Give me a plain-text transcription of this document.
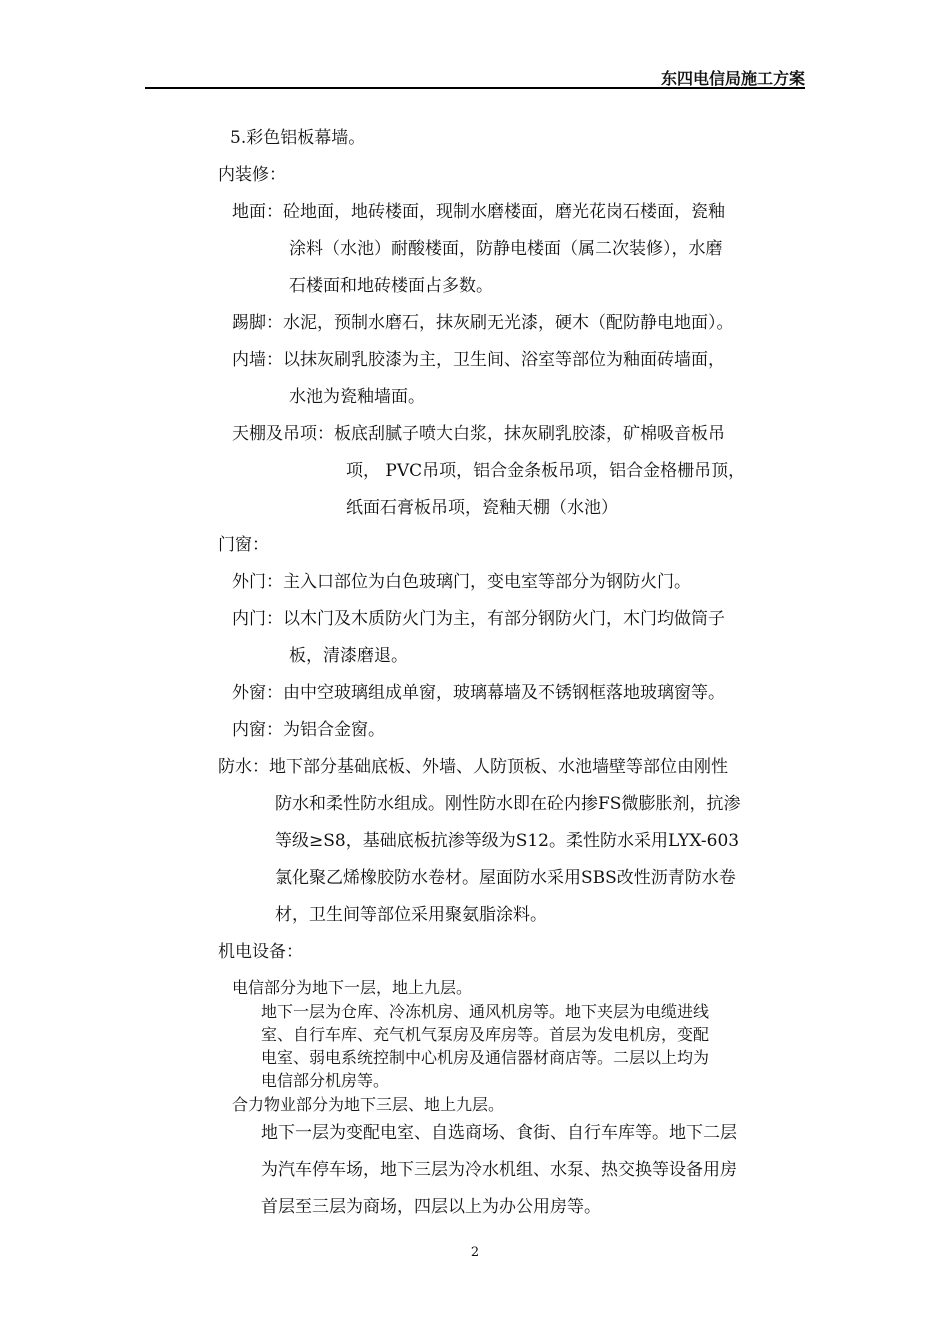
东四电信局施工方案
5.彩色铝板幕墙。
内装修：
地面：砼地面，地砖楼面，现制水磨楼面，磨光花岗石楼面，瓷釉
涂料（水池）耐酸楼面，防静电楼面（属二次装修），水磨
石楼面和地砖楼面占多数。
踢脚：水泥，预制水磨石，抹灰刷无光漆，硬木（配防静电地面）。
内墙：以抹灰刷乳胶漆为主，卫生间、浴室等部位为釉面砖墙面，
水池为瓷釉墙面。
天棚及吊项：板底刮腻子喷大白浆，抹灰刷乳胶漆，矿棉吸音板吊
项， PVC吊项，铝合金条板吊项，铝合金格栅吊顶，
纸面石膏板吊项，瓷釉天棚（水池）
门窗：
外门：主入口部位为白色玻璃门，变电室等部分为钢防火门。
内门：以木门及木质防火门为主，有部分钢防火门，木门均做筒子
板，清漆磨退。
外窗：由中空玻璃组成单窗，玻璃幕墙及不锈钢框落地玻璃窗等。
内窗：为铝合金窗。
防水：地下部分基础底板、外墙、人防顶板、水池墙壁等部位由刚性
防水和柔性防水组成。刚性防水即在砼内掺FS微膨胀剂，抗渗
等级≥S8，基础底板抗渗等级为S12。柔性防水采用LYX-603
氯化聚乙烯橡胶防水卷材。屋面防水采用SBS改性沥青防水卷
材，卫生间等部位采用聚氨脂涂料。
机电设备：
电信部分为地下一层，地上九层。
地下一层为仓库、冷冻机房、通风机房等。地下夹层为电缆进线
室、自行车库、充气机气泵房及库房等。首层为发电机房，变配
电室、弱电系统控制中心机房及通信器材商店等。二层以上均为
电信部分机房等。
合力物业部分为地下三层、地上九层。
地下一层为变配电室、自选商场、食街、自行车库等。地下二层
为汽车停车场，地下三层为冷水机组、水泵、热交换等设备用房
首层至三层为商场，四层以上为办公用房等。
2
